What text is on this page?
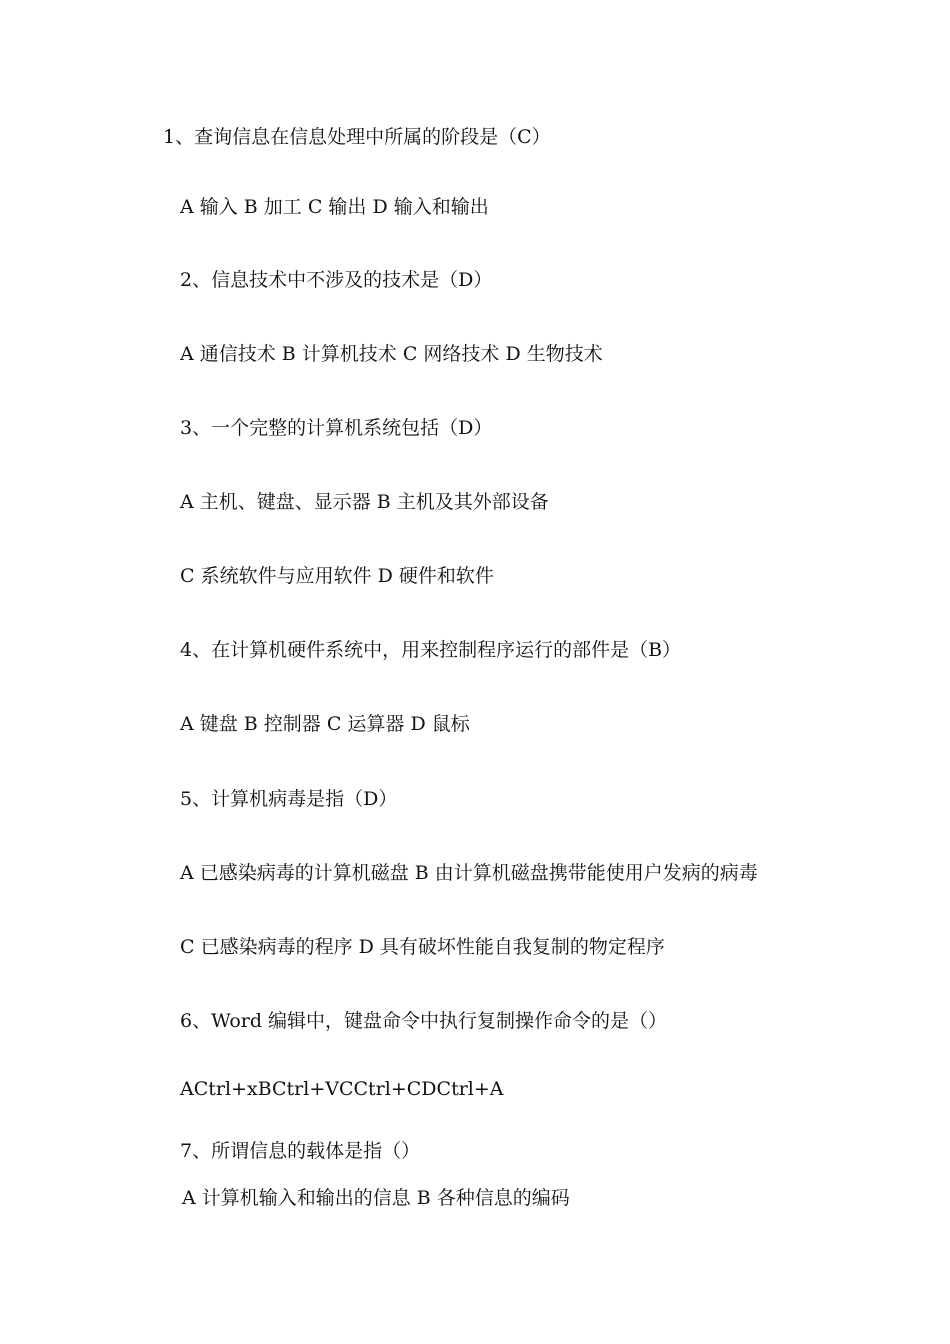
1、查询信息在信息处理中所属的阶段是（C）
A 输入 B 加工 C 输出 D 输入和输出
2、信息技术中不涉及的技术是（D）
A 通信技术 B 计算机技术 C 网络技术 D 生物技术
3、一个完整的计算机系统包括（D）
A 主机、键盘、显示器 B 主机及其外部设备
C 系统软件与应用软件 D 硬件和软件
4、在计算机硬件系统中，用来控制程序运行的部件是（B）
A 键盘 B 控制器 C 运算器 D 鼠标
5、计算机病毒是指（D）
A 已感染病毒的计算机磁盘 B 由计算机磁盘携带能使用户发病的病毒
C 已感染病毒的程序 D 具有破坏性能自我复制的物定程序
6、Word 编辑中，键盘命令中执行复制操作命令的是（）
ACtrl+xBCtrl+VCCtrl+CDCtrl+A
7、所谓信息的载体是指（）
A 计算机输入和输出的信息 B 各种信息的编码
